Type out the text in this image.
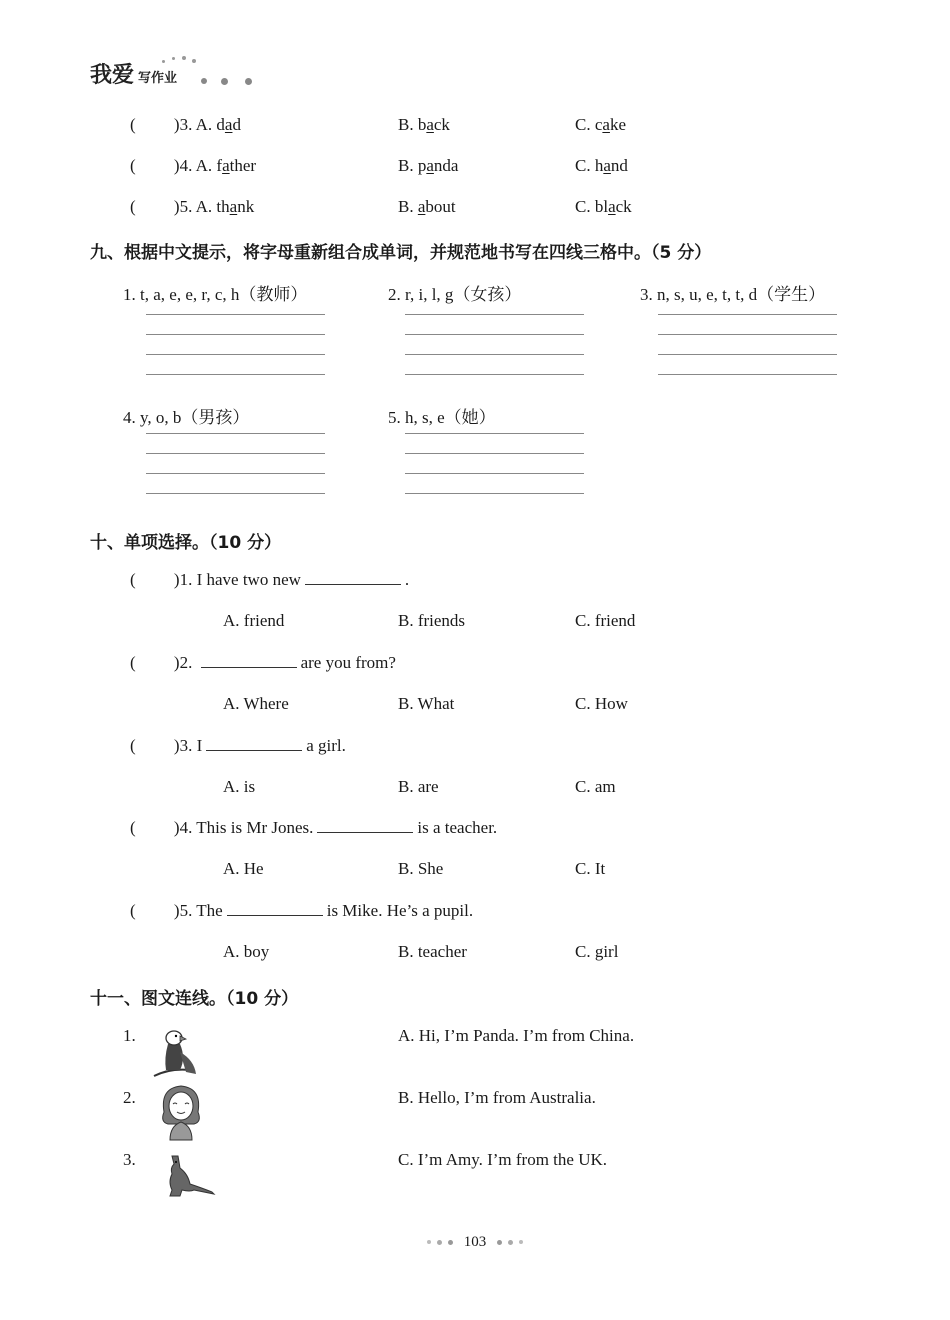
我爱 写作业
(         )3. A. dad	B. back	C. cake
(         )4. A. father	B. panda	C. hand
(         )5. A. thank	B. about	C. black
九、根据中文提示，将字母重新组合成单词，并规范地书写在四线三格中。（5 分）
1. t, a, e, e, r, c, h（教师）	2. r, i, l, g（女孩）	3. n, s, u, e, t, t, d（学生）
4. y, o, b（男孩）	5. h, s, e（她）
十、单项选择。（10 分）
(         )1. I have two new	.
A. friend	B. friends	C. friend
(         )2.	are you from?
A. Where	B. What	C. How
(         )3. I	a girl.
A. is	B. are	C. am
(         )4. This is Mr Jones.	is a teacher.
A. He	B. She	C. It
(         )5. The	is Mike. He’s a pupil.
A. boy	B. teacher	C. girl
十一、图文连线。（10 分）
1.	A. Hi, I’m Panda. I’m from China.
2.	B. Hello, I’m from Australia.
3.	C. I’m Amy. I’m from the UK.
103
